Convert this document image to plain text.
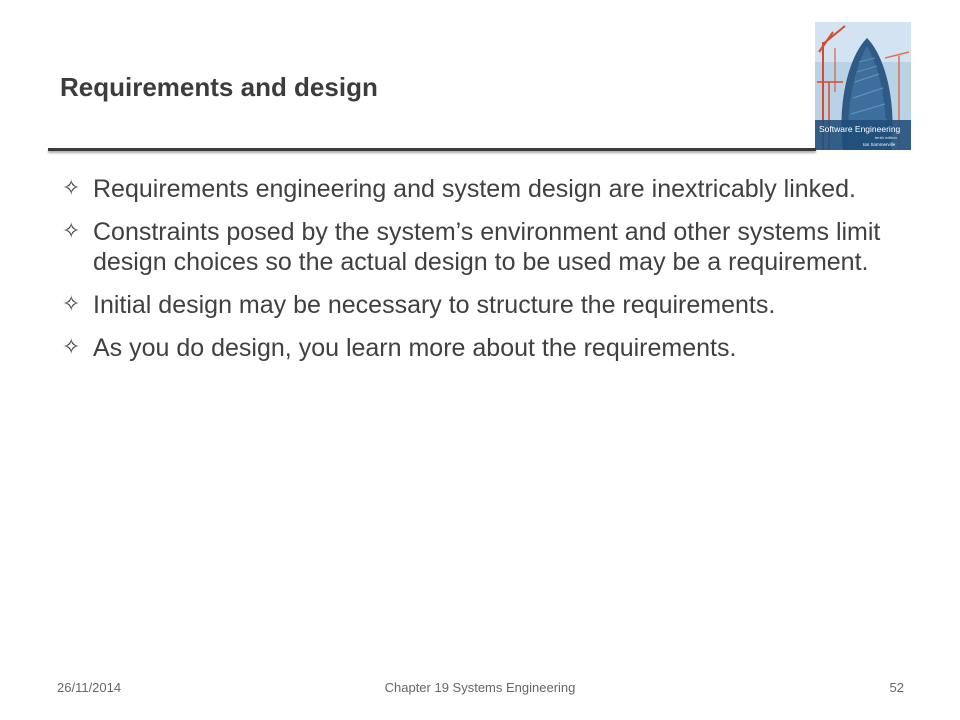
Requirements and design
Software Engineering
tenth edition
Ian Sommerville
✧ Requirements engineering and system design are inextricably linked.
✧ Constraints posed by the system’s environment and other systems limit design choices so the actual design to be used may be a requirement.
✧ Initial design may be necessary to structure the requirements.
✧ As you do design, you learn more about the requirements.
26/11/2014	Chapter 19 Systems Engineering	52
